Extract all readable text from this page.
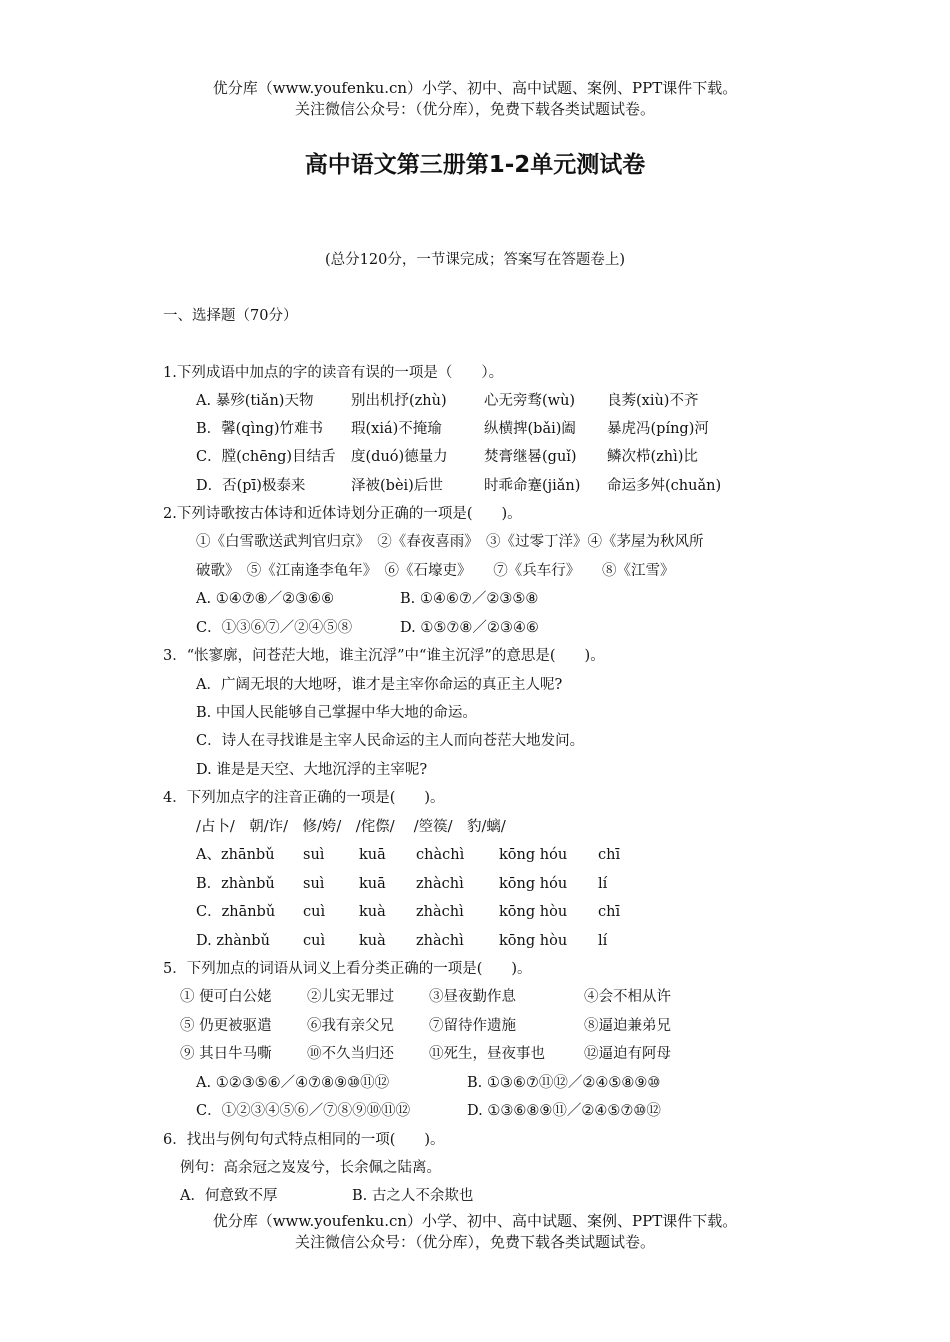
优分库（www.youfenku.cn）小学、初中、高中试题、案例、PPT课件下载。
关注微信公众号：（优分库），免费下载各类试题试卷。
高中语文第三册第1-2单元测试卷
(总分120分，一节课完成；答案写在答题卷上)
一、选择题（70分）
1.下列成语中加点的字的读音有误的一项是（　　）。
A. 暴殄(tiǎn)天物	别出机抒(zhù)	心无旁骛(wù) 良莠(xiù)不齐
B．馨(qìng)竹难书 瑕(xiá)不掩瑜	纵横捭(bǎi)阖 暴虎冯(píng)河
C．膛(chēng)目结舌 度(duó)德量力	焚膏继晷(guǐ) 鳞次栉(zhì)比
D．否(pī)极泰来	泽被(bèi)后世	时乖命蹇(jiǎn) 命运多舛(chuǎn)
2.下列诗歌按古体诗和近体诗划分正确的一项是(　　)。
①《白雪歌送武判官归京》　②《春夜喜雨》　③《过零丁洋》④《茅屋为秋风所
破歌》　⑤《江南逢李龟年》　⑥《石壕吏》　　⑦《兵车行》　　⑧《江雪》
A. ①④⑦⑧／②③⑥⑥	B. ①④⑥⑦／②③⑤⑧
C．①③⑥⑦／②④⑤⑧	D. ①⑤⑦⑧／②③④⑥
3．“怅寥廓，问苍茫大地，谁主沉浮”中“谁主沉浮”的意思是(　　)。
A．广阔无垠的大地呀，谁才是主宰你命运的真正主人呢?
B. 中国人民能够自己掌握中华大地的命运。
C．诗人在寻找谁是主宰人民命运的主人而向苍茫大地发问。
D. 谁是是天空、大地沉浮的主宰呢?
4．下列加点字的注音正确的一项是(　　)。
/占卜/　朝/诈/　修/姱/　/侘傺/　 /箜篌/　豹/螭/
A、zhānbǔ suì kuā chàchì kōng hóu chī
B．zhànbǔ suì kuā zhàchì kōng hóu lí
C．zhānbǔ cuì kuà zhàchì kōng hòu chī
D. zhànbǔ cuì kuà zhàchì kōng hòu lí
5．下列加点的词语从词义上看分类正确的一项是(　　)。
① 便可白公姥 ②儿实无罪过 ③昼夜勤作息	④会不相从许
⑤ 仍更被驱遣 ⑥我有亲父兄 ⑦留待作遗施	⑧逼迫兼弟兄
⑨ 其日牛马嘶 ⑩不久当归还 ⑪死生，昼夜事也	⑫逼迫有阿母
A. ①②③⑤⑥／④⑦⑧⑨⑩⑪⑫	B. ①③⑥⑦⑪⑫／②④⑤⑧⑨⑩
C．①②③④⑤⑥／⑦⑧⑨⑩⑪⑫	D. ①③⑥⑧⑨⑪／②④⑤⑦⑩⑫
6．找出与例句句式特点相同的一项(　　)。
例句：高余冠之岌岌兮，长余佩之陆离。
A．何意致不厚	B. 古之人不余欺也
优分库（www.youfenku.cn）小学、初中、高中试题、案例、PPT课件下载。
关注微信公众号：（优分库），免费下载各类试题试卷。
